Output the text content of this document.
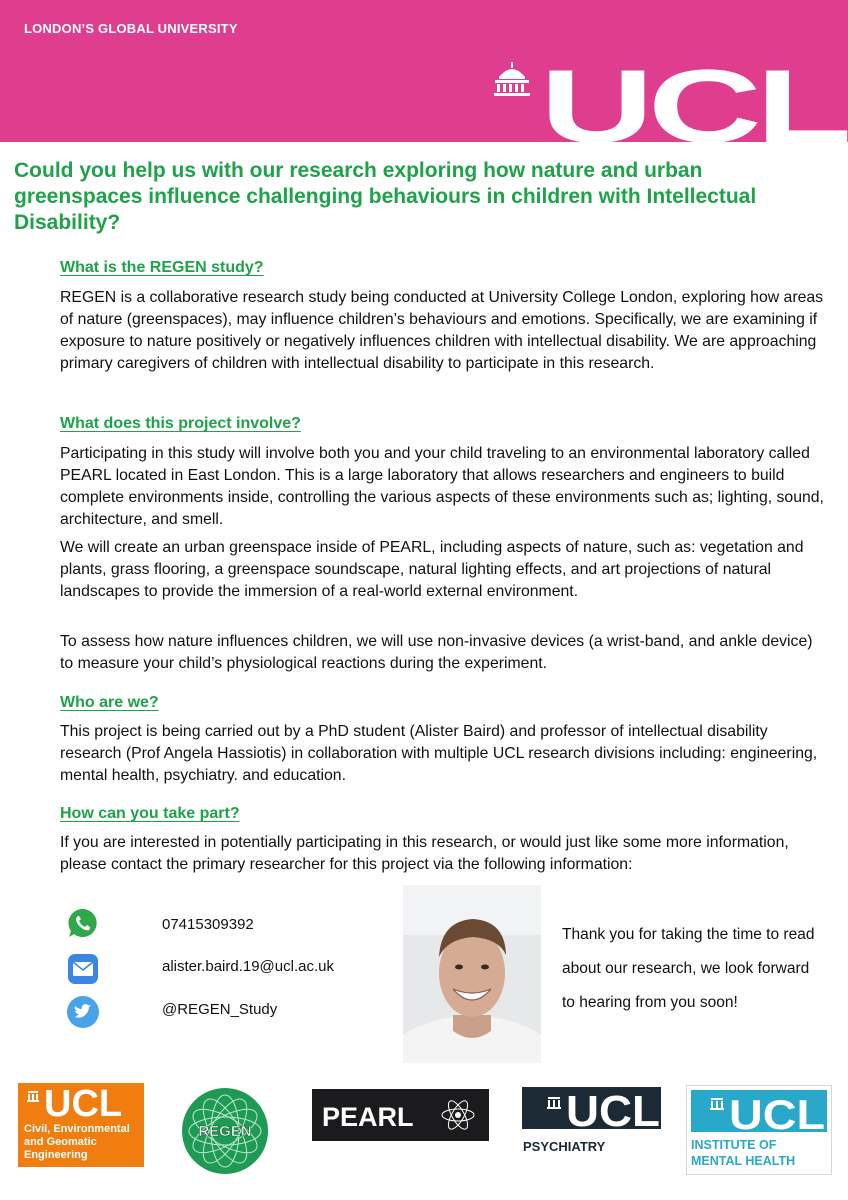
LONDON’S GLOBAL UNIVERSITY
UCL
Could you help us with our research exploring how nature and urban greenspaces influence challenging behaviours in children with Intellectual Disability?
What is the REGEN study?
REGEN is a collaborative research study being conducted at University College London, exploring how areas of nature (greenspaces), may influence children’s behaviours and emotions. Specifically, we are examining if exposure to nature positively or negatively influences children with intellectual disability. We are approaching primary caregivers of children with intellectual disability to participate in this research.
What does this project involve?
Participating in this study will involve both you and your child traveling to an environmental laboratory called PEARL located in East London. This is a large laboratory that allows researchers and engineers to build complete environments inside, controlling the various aspects of these environments such as; lighting, sound, architecture, and smell.
We will create an urban greenspace inside of PEARL, including aspects of nature, such as: vegetation and plants, grass flooring, a greenspace soundscape, natural lighting effects, and art projections of natural landscapes to provide the immersion of a real-world external environment.
To assess how nature influences children, we will use non-invasive devices (a wrist-band, and ankle device) to measure your child’s physiological reactions during the experiment.
Who are we?
This project is being carried out by a PhD student (Alister Baird) and professor of intellectual disability research (Prof Angela Hassiotis) in collaboration with multiple UCL research divisions including: engineering, mental health, psychiatry. and education.
How can you take part?
If you are interested in potentially participating in this research, or would just like some more information, please contact the primary researcher for this project via the following information:
07415309392
alister.baird.19@ucl.ac.uk
@REGEN_Study
Thank you for taking the time to read about our research, we look forward to hearing from you soon!
UCL
Civil, Environmental
and Geomatic
Engineering
REGEN	PEARL	UCL
PSYCHIATRY
UCL
INSTITUTE OF
MENTAL HEALTH
